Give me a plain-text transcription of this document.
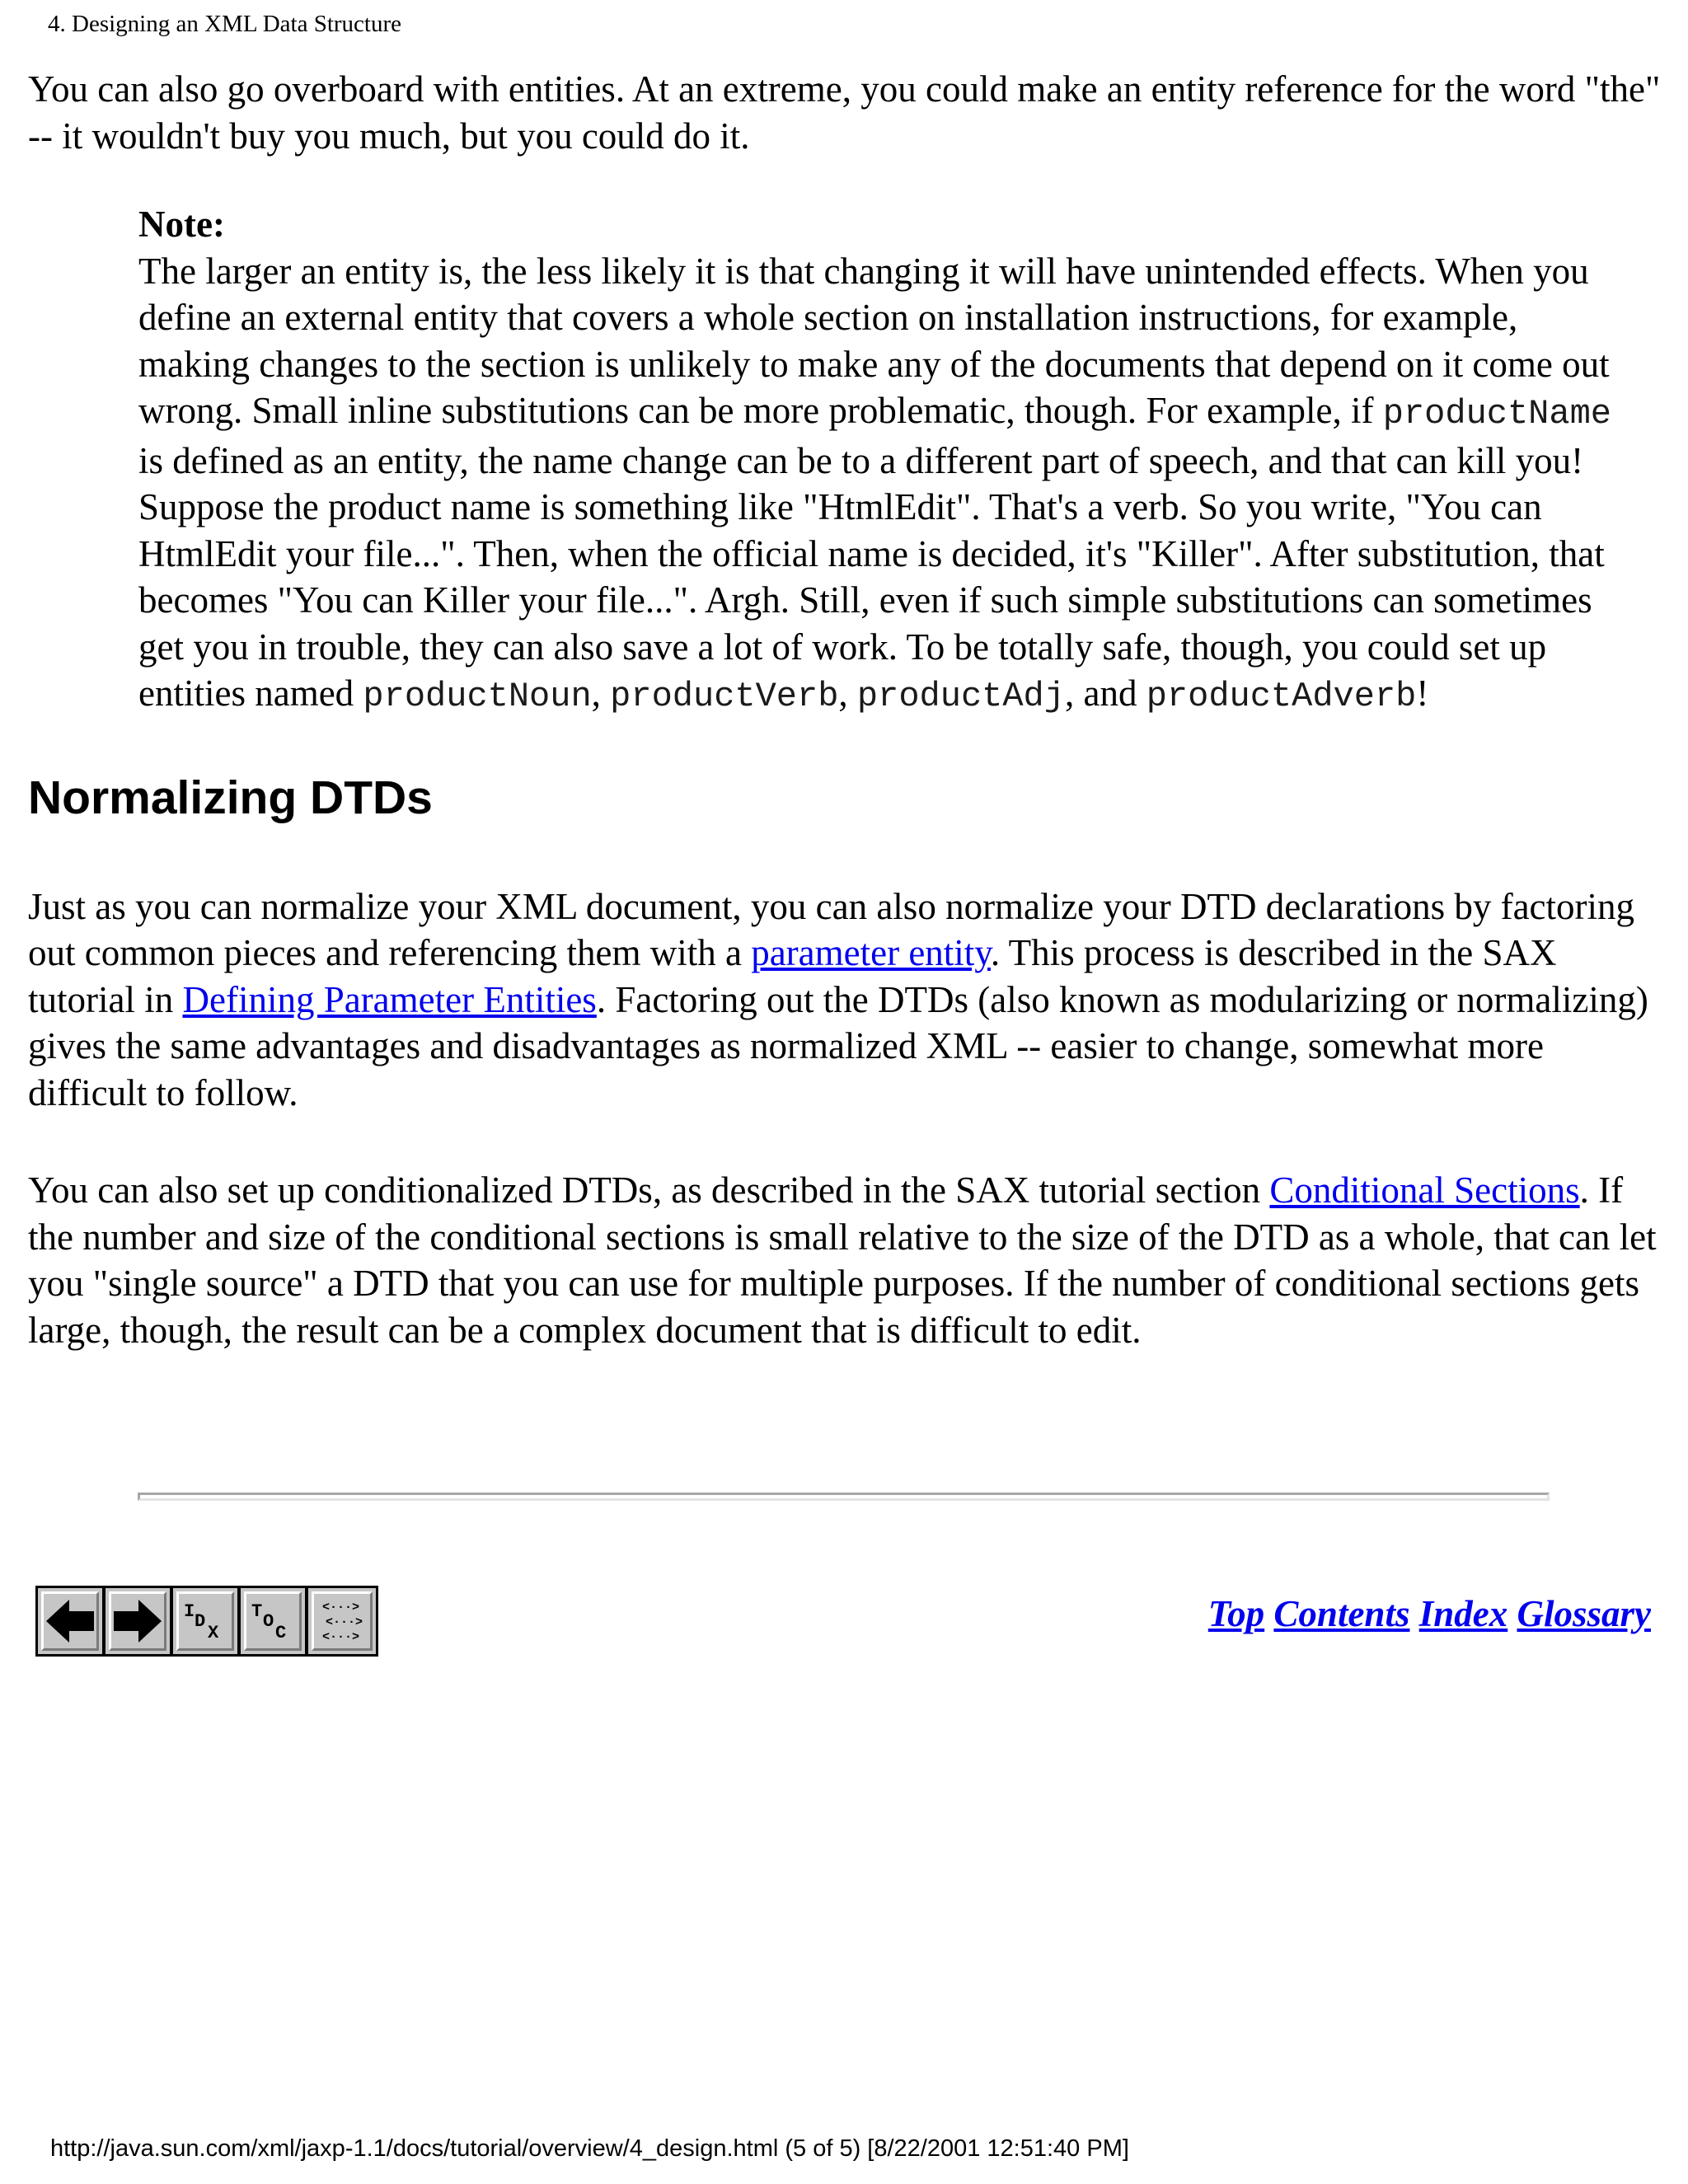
4. Designing an XML Data Structure

You can also go overboard with entities. At an extreme, you could make an entity reference for the word "the" -- it wouldn't buy you much, but you could do it.

Note:
The larger an entity is, the less likely it is that changing it will have unintended effects. When you define an external entity that covers a whole section on installation instructions, for example, making changes to the section is unlikely to make any of the documents that depend on it come out wrong. Small inline substitutions can be more problematic, though. For example, if productName is defined as an entity, the name change can be to a different part of speech, and that can kill you! Suppose the product name is something like "HtmlEdit". That's a verb. So you write, "You can HtmlEdit your file...". Then, when the official name is decided, it's "Killer". After substitution, that becomes "You can Killer your file...". Argh. Still, even if such simple substitutions can sometimes get you in trouble, they can also save a lot of work. To be totally safe, though, you could set up entities named productNoun, productVerb, productAdj, and productAdverb!
Normalizing DTDs

Just as you can normalize your XML document, you can also normalize your DTD declarations by factoring out common pieces and referencing them with a parameter entity. This process is described in the SAX tutorial in Defining Parameter Entities. Factoring out the DTDs (also known as modularizing or normalizing) gives the same advantages and disadvantages as normalized XML -- easier to change, somewhat more difficult to follow.

You can also set up conditionalized DTDs, as described in the SAX tutorial section Conditional Sections. If the number and size of the conditional sections is small relative to the size of the DTD as a whole, that can let you "single source" a DTD that you can use for multiple purposes. If the number of conditional sections gets large, though, the result can be a complex document that is difficult to edit.

I D
X
T O
C
<···>
<···>
<···>
Top Contents Index Glossary
http://java.sun.com/xml/jaxp-1.1/docs/tutorial/overview/4_design.html (5 of 5) [8/22/2001 12:51:40 PM]
